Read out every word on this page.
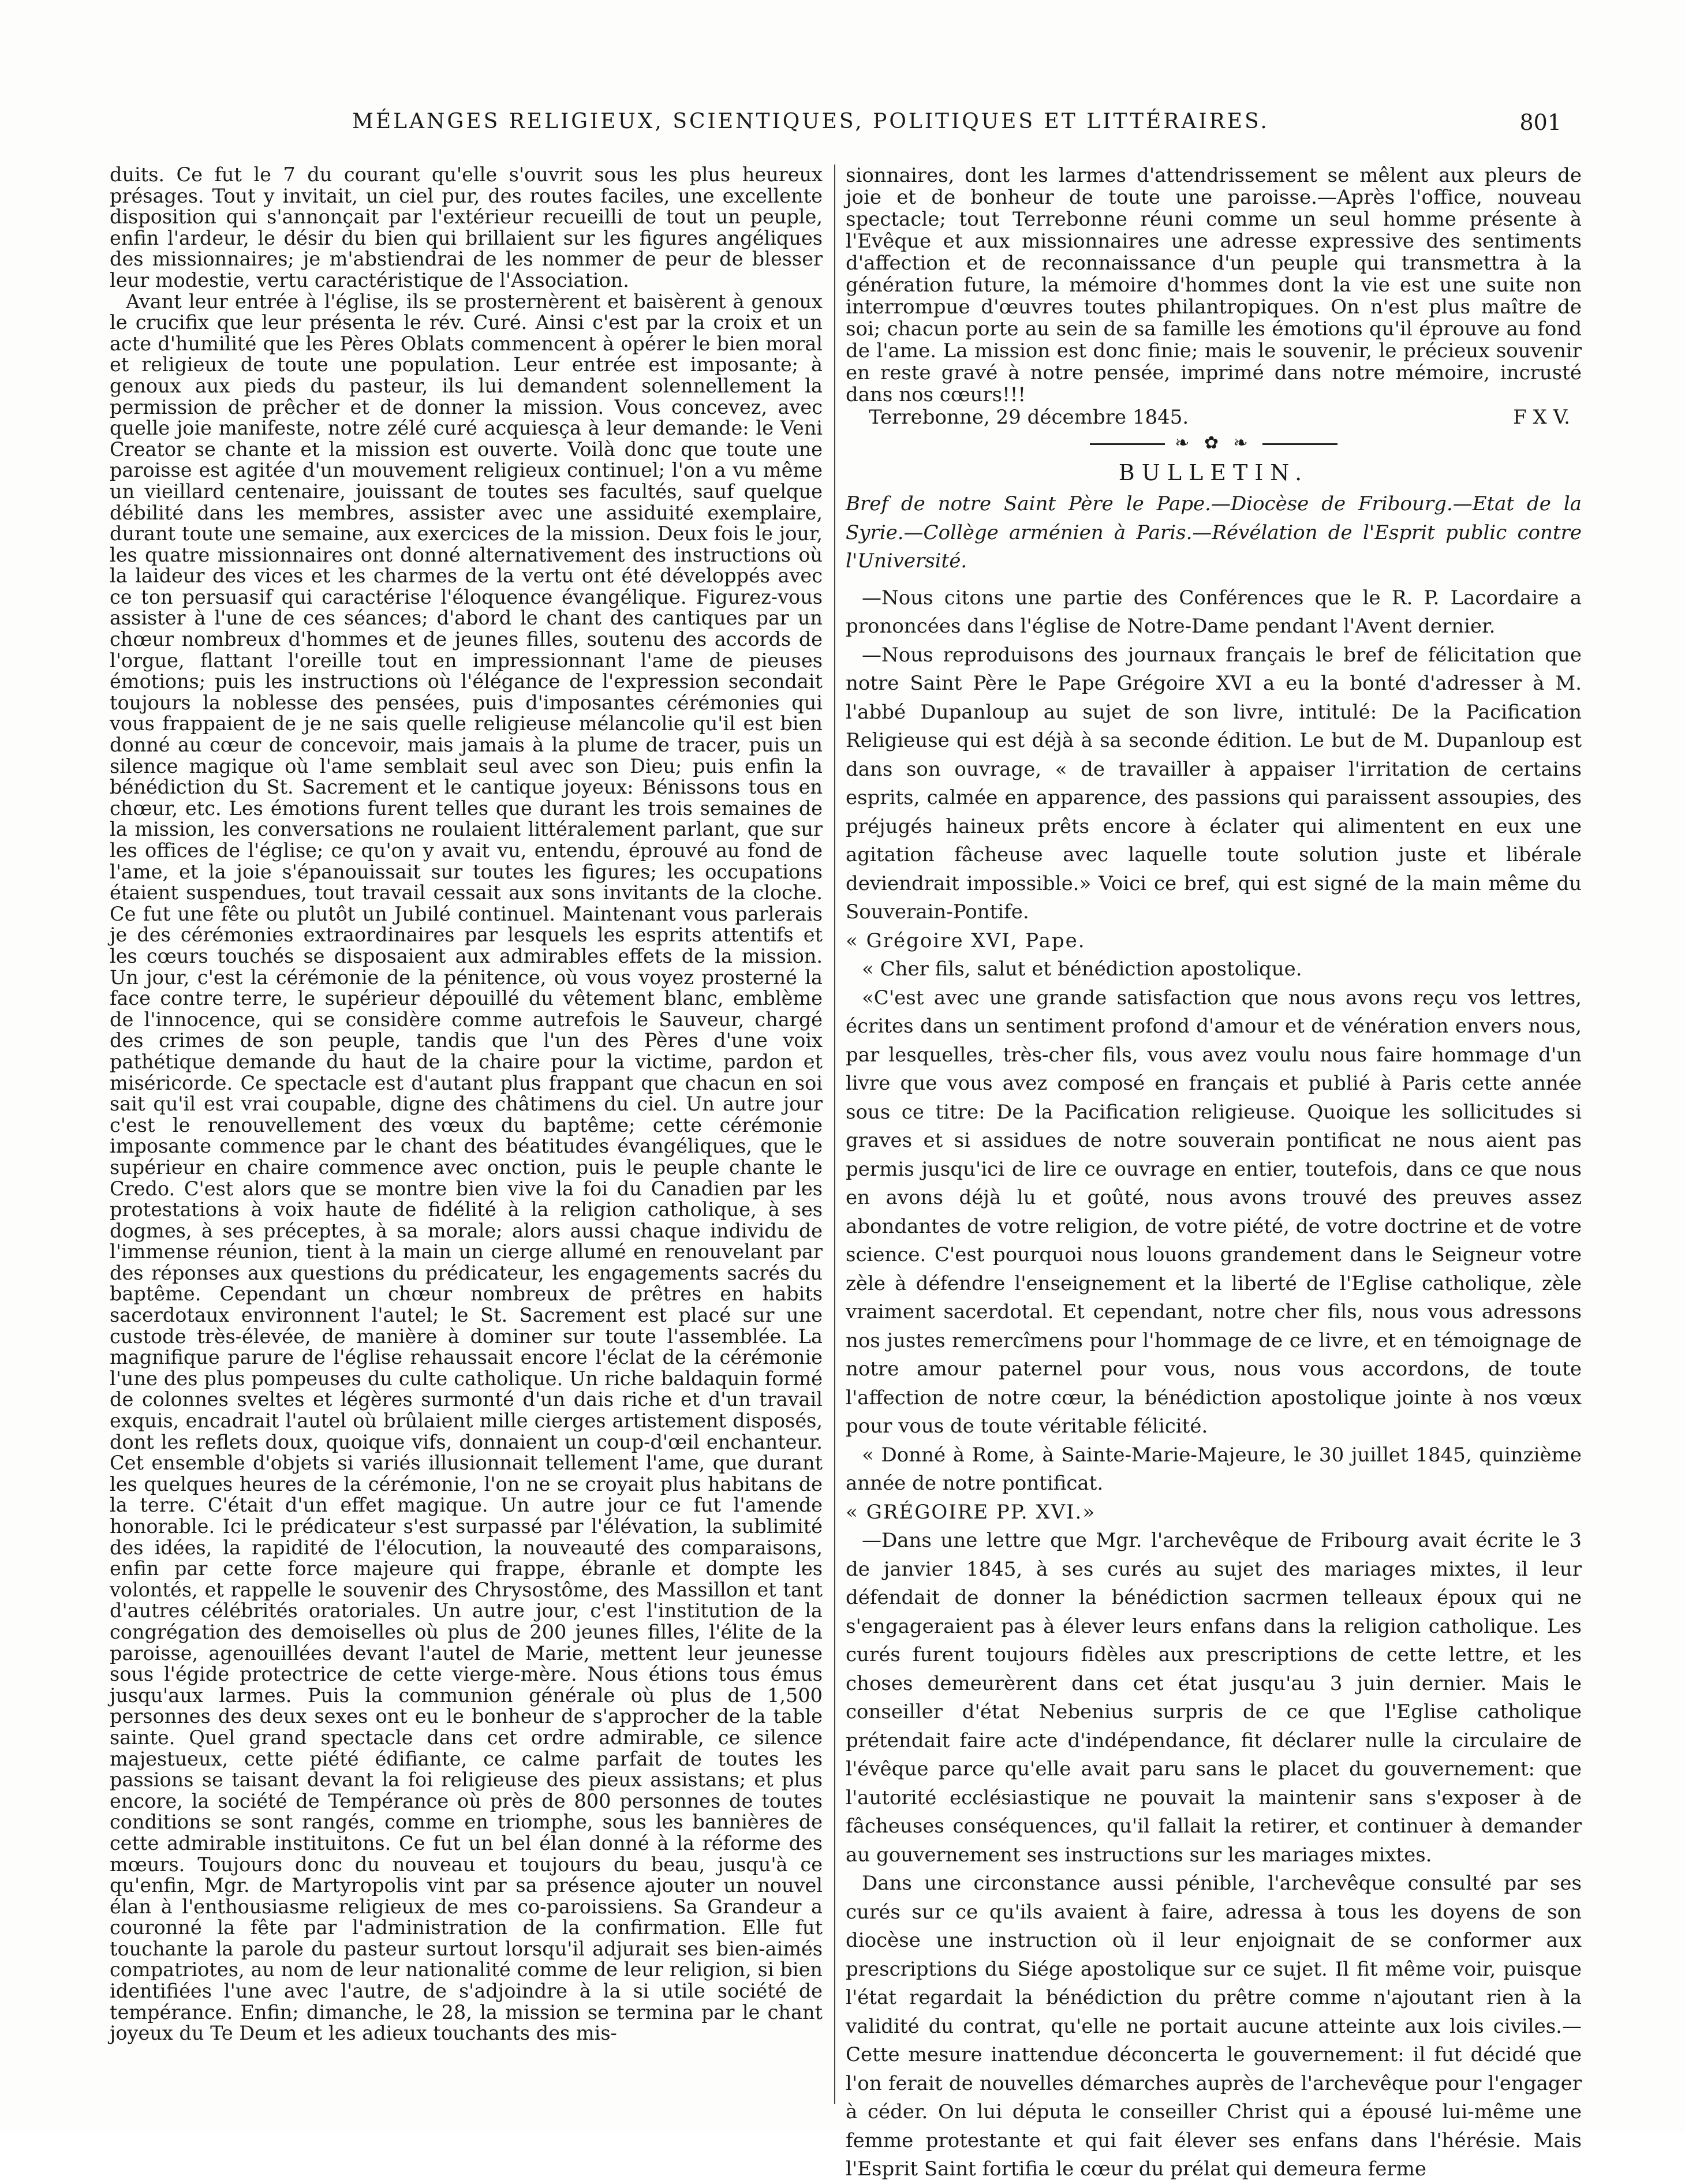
MÉLANGES RELIGIEUX, SCIENTIQUES, POLITIQUES ET LITTÉRAIRES.	801

duits. Ce fut le 7 du courant qu'elle s'ouvrit sous les plus heureux présages. Tout y invitait, un ciel pur, des routes faciles, une excellente disposition qui s'annonçait par l'extérieur recueilli de tout un peuple, enfin l'ardeur, le désir du bien qui brillaient sur les figures angéliques des missionnaires; je m'abstiendrai de les nommer de peur de blesser leur modestie, vertu caractéristique de l'Association.

Avant leur entrée à l'église, ils se prosternèrent et baisèrent à genoux le crucifix que leur présenta le rév. Curé. Ainsi c'est par la croix et un acte d'humilité que les Pères Oblats commencent à opérer le bien moral et religieux de toute une population. Leur entrée est imposante; à genoux aux pieds du pasteur, ils lui demandent solennellement la permission de prêcher et de donner la mission. Vous concevez, avec quelle joie manifeste, notre zélé curé acquiesça à leur demande: le Veni Creator se chante et la mission est ouverte. Voilà donc que toute une paroisse est agitée d'un mouvement religieux continuel; l'on a vu même un vieillard centenaire, jouissant de toutes ses facultés, sauf quelque débilité dans les membres, assister avec une assiduité exemplaire, durant toute une semaine, aux exercices de la mission. Deux fois le jour, les quatre missionnaires ont donné alternativement des instructions où la laideur des vices et les charmes de la vertu ont été développés avec ce ton persuasif qui caractérise l'éloquence évangélique. Figurez-vous assister à l'une de ces séances; d'abord le chant des cantiques par un chœur nombreux d'hommes et de jeunes filles, soutenu des accords de l'orgue, flattant l'oreille tout en impressionnant l'ame de pieuses émotions; puis les instructions où l'élégance de l'expression secondait toujours la noblesse des pensées, puis d'imposantes cérémonies qui vous frappaient de je ne sais quelle religieuse mélancolie qu'il est bien donné au cœur de concevoir, mais jamais à la plume de tracer, puis un silence magique où l'ame semblait seul avec son Dieu; puis enfin la bénédiction du St. Sacrement et le cantique joyeux: Bénissons tous en chœur, etc. Les émotions furent telles que durant les trois semaines de la mission, les conversations ne roulaient littéralement parlant, que sur les offices de l'église; ce qu'on y avait vu, entendu, éprouvé au fond de l'ame, et la joie s'épanouissait sur toutes les figures; les occupations étaient suspendues, tout travail cessait aux sons invitants de la cloche. Ce fut une fête ou plutôt un Jubilé continuel. Maintenant vous parlerais je des cérémonies extraordinaires par lesquels les esprits attentifs et les cœurs touchés se disposaient aux admirables effets de la mission. Un jour, c'est la cérémonie de la pénitence, où vous voyez prosterné la face contre terre, le supérieur dépouillé du vêtement blanc, emblème de l'innocence, qui se considère comme autrefois le Sauveur, chargé des crimes de son peuple, tandis que l'un des Pères d'une voix pathétique demande du haut de la chaire pour la victime, pardon et miséricorde. Ce spectacle est d'autant plus frappant que chacun en soi sait qu'il est vrai coupable, digne des châtimens du ciel. Un autre jour c'est le renouvellement des vœux du baptême; cette cérémonie imposante commence par le chant des béatitudes évangéliques, que le supérieur en chaire commence avec onction, puis le peuple chante le Credo. C'est alors que se montre bien vive la foi du Canadien par les protestations à voix haute de fidélité à la religion catholique, à ses dogmes, à ses préceptes, à sa morale; alors aussi chaque individu de l'immense réunion, tient à la main un cierge allumé en renouvelant par des réponses aux questions du prédicateur, les engagements sacrés du baptême. Cependant un chœur nombreux de prêtres en habits sacerdotaux environnent l'autel; le St. Sacrement est placé sur une custode très-élevée, de manière à dominer sur toute l'assemblée. La magnifique parure de l'église rehaussait encore l'éclat de la cérémonie l'une des plus pompeuses du culte catholique. Un riche baldaquin formé de colonnes sveltes et légères surmonté d'un dais riche et d'un travail exquis, encadrait l'autel où brûlaient mille cierges artistement disposés, dont les reflets doux, quoique vifs, donnaient un coup-d'œil enchanteur. Cet ensemble d'objets si variés illusionnait tellement l'ame, que durant les quelques heures de la cérémonie, l'on ne se croyait plus habitans de la terre. C'était d'un effet magique. Un autre jour ce fut l'amende honorable. Ici le prédicateur s'est surpassé par l'élévation, la sublimité des idées, la rapidité de l'élocution, la nouveauté des comparaisons, enfin par cette force majeure qui frappe, ébranle et dompte les volontés, et rappelle le souvenir des Chrysostôme, des Massillon et tant d'autres célébrités oratoriales. Un autre jour, c'est l'institution de la congrégation des demoiselles où plus de 200 jeunes filles, l'élite de la paroisse, agenouillées devant l'autel de Marie, mettent leur jeunesse sous l'égide protectrice de cette vierge-mère. Nous étions tous émus jusqu'aux larmes. Puis la communion générale où plus de 1,500 personnes des deux sexes ont eu le bonheur de s'approcher de la table sainte. Quel grand spectacle dans cet ordre admirable, ce silence majestueux, cette piété édifiante, ce calme parfait de toutes les passions se taisant devant la foi religieuse des pieux assistans; et plus encore, la société de Tempérance où près de 800 personnes de toutes conditions se sont rangés, comme en triomphe, sous les bannières de cette admirable instituitons. Ce fut un bel élan donné à la réforme des mœurs. Toujours donc du nouveau et toujours du beau, jusqu'à ce qu'enfin, Mgr. de Martyropolis vint par sa présence ajouter un nouvel élan à l'enthousiasme religieux de mes co-paroissiens. Sa Grandeur a couronné la fête par l'administration de la confirmation. Elle fut touchante la parole du pasteur surtout lorsqu'il adjurait ses bien-aimés compatriotes, au nom de leur nationalité comme de leur religion, si bien identifiées l'une avec l'autre, de s'adjoindre à la si utile société de tempérance. Enfin; dimanche, le 28, la mission se termina par le chant joyeux du Te Deum et les adieux touchants des mis-

sionnaires, dont les larmes d'attendrissement se mêlent aux pleurs de joie et de bonheur de toute une paroisse.—Après l'office, nouveau spectacle; tout Terrebonne réuni comme un seul homme présente à l'Evêque et aux missionnaires une adresse expressive des sentiments d'affection et de reconnaissance d'un peuple qui transmettra à la génération future, la mémoire d'hommes dont la vie est une suite non interrompue d'œuvres toutes philantropiques. On n'est plus maître de soi; chacun porte au sein de sa famille les émotions qu'il éprouve au fond de l'ame. La mission est donc finie; mais le souvenir, le précieux souvenir en reste gravé à notre pensée, imprimé dans notre mémoire, incrusté dans nos cœurs!!!

F X V.
Terrebonne, 29 décembre 1845.
❧ ✿ ❧
BULLETIN.

Bref de notre Saint Père le Pape.—Diocèse de Fribourg.—Etat de la Syrie.—Collège arménien à Paris.—Révélation de l'Esprit public contre l'Université.

—Nous citons une partie des Conférences que le R. P. Lacordaire a prononcées dans l'église de Notre-Dame pendant l'Avent dernier.

—Nous reproduisons des journaux français le bref de félicitation que notre Saint Père le Pape Grégoire XVI a eu la bonté d'adresser à M. l'abbé Dupanloup au sujet de son livre, intitulé: De la Pacification Religieuse qui est déjà à sa seconde édition. Le but de M. Dupanloup est dans son ouvrage, « de travailler à appaiser l'irritation de certains esprits, calmée en apparence, des passions qui paraissent assoupies, des préjugés haineux prêts encore à éclater qui alimentent en eux une agitation fâcheuse avec laquelle toute solution juste et libérale deviendrait impossible.» Voici ce bref, qui est signé de la main même du Souverain-Pontife.

« Grégoire XVI, Pape.

« Cher fils, salut et bénédiction apostolique.

«C'est avec une grande satisfaction que nous avons reçu vos lettres, écrites dans un sentiment profond d'amour et de vénération envers nous, par lesquelles, très-cher fils, vous avez voulu nous faire hommage d'un livre que vous avez composé en français et publié à Paris cette année sous ce titre: De la Pacification religieuse. Quoique les sollicitudes si graves et si assidues de notre souverain pontificat ne nous aient pas permis jusqu'ici de lire ce ouvrage en entier, toutefois, dans ce que nous en avons déjà lu et goûté, nous avons trouvé des preuves assez abondantes de votre religion, de votre piété, de votre doctrine et de votre science. C'est pourquoi nous louons grandement dans le Seigneur votre zèle à défendre l'enseignement et la liberté de l'Eglise catholique, zèle vraiment sacerdotal. Et cependant, notre cher fils, nous vous adressons nos justes remercîmens pour l'hommage de ce livre, et en témoignage de notre amour paternel pour vous, nous vous accordons, de toute l'affection de notre cœur, la bénédiction apostolique jointe à nos vœux pour vous de toute véritable félicité.

« Donné à Rome, à Sainte-Marie-Majeure, le 30 juillet 1845, quinzième année de notre pontificat.

« GRÉGOIRE PP. XVI.»

—Dans une lettre que Mgr. l'archevêque de Fribourg avait écrite le 3 de janvier 1845, à ses curés au sujet des mariages mixtes, il leur défendait de donner la bénédiction sacrmen telleaux époux qui ne s'engageraient pas à élever leurs enfans dans la religion catholique. Les curés furent toujours fidèles aux prescriptions de cette lettre, et les choses demeurèrent dans cet état jusqu'au 3 juin dernier. Mais le conseiller d'état Nebenius surpris de ce que l'Eglise catholique prétendait faire acte d'indépendance, fit déclarer nulle la circulaire de l'évêque parce qu'elle avait paru sans le placet du gouvernement: que l'autorité ecclésiastique ne pouvait la maintenir sans s'exposer à de fâcheuses conséquences, qu'il fallait la retirer, et continuer à demander au gouvernement ses instructions sur les mariages mixtes.

Dans une circonstance aussi pénible, l'archevêque consulté par ses curés sur ce qu'ils avaient à faire, adressa à tous les doyens de son diocèse une instruction où il leur enjoignait de se conformer aux prescriptions du Siége apostolique sur ce sujet. Il fit même voir, puisque l'état regardait la bénédiction du prêtre comme n'ajoutant rien à la validité du contrat, qu'elle ne portait aucune atteinte aux lois civiles.—Cette mesure inattendue déconcerta le gouvernement: il fut décidé que l'on ferait de nouvelles démarches auprès de l'archevêque pour l'engager à céder. On lui députa le conseiller Christ qui a épousé lui-même une femme protestante et qui fait élever ses enfans dans l'hérésie. Mais l'Esprit Saint fortifia le cœur du prélat qui demeura ferme
